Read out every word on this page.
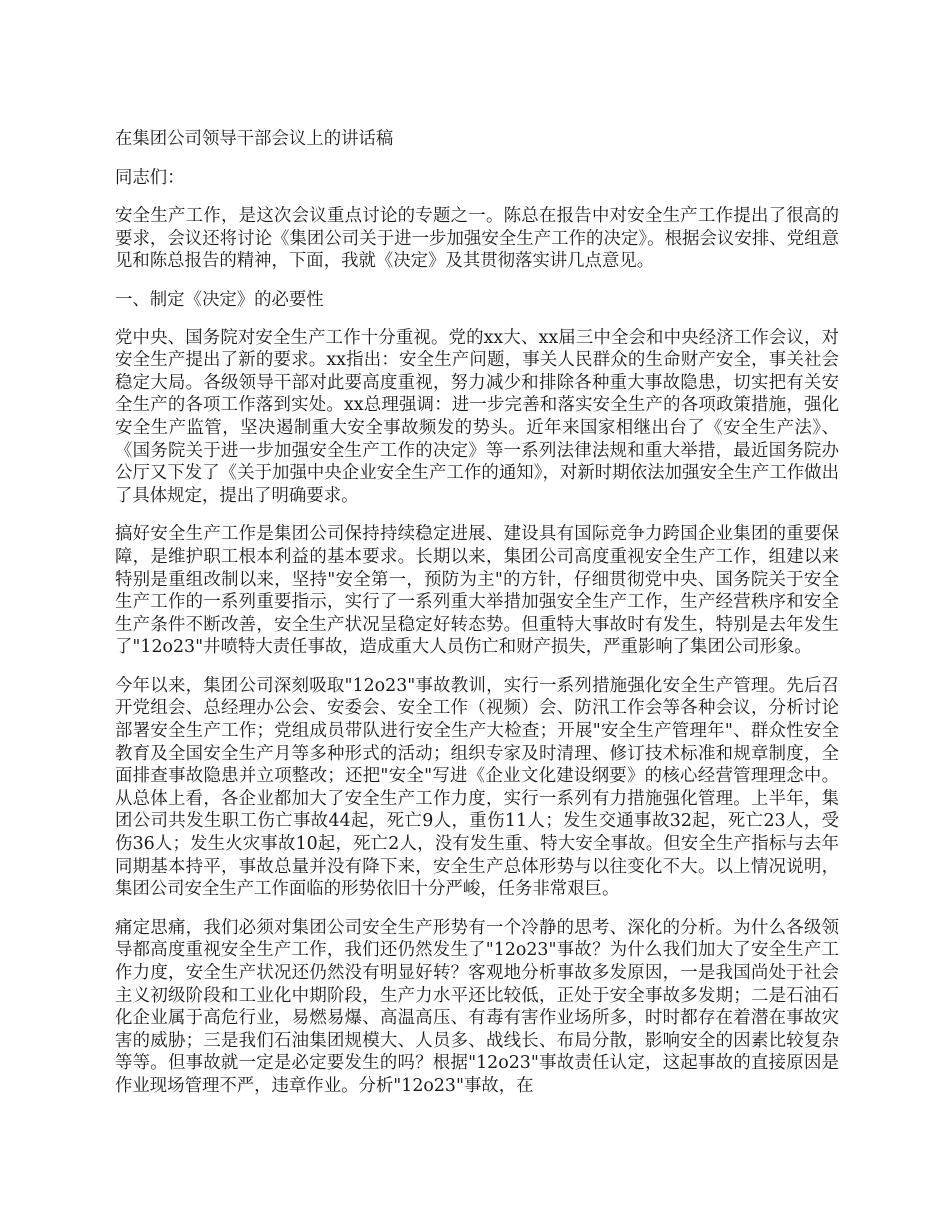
在集团公司领导干部会议上的讲话稿

同志们：

安全生产工作，是这次会议重点讨论的专题之一。陈总在报告中对安全生产工作提出了很高的要求，会议还将讨论《集团公司关于进一步加强安全生产工作的决定》。根据会议安排、党组意见和陈总报告的精神，下面，我就《决定》及其贯彻落实讲几点意见。

一、制定《决定》的必要性

党中央、国务院对安全生产工作十分重视。党的xx大、xx届三中全会和中央经济工作会议，对安全生产提出了新的要求。xx指出：安全生产问题，事关人民群众的生命财产安全，事关社会稳定大局。各级领导干部对此要高度重视，努力减少和排除各种重大事故隐患，切实把有关安全生产的各项工作落到实处。xx总理强调：进一步完善和落实安全生产的各项政策措施，强化安全生产监管，坚决遏制重大安全事故频发的势头。近年来国家相继出台了《安全生产法》、《国务院关于进一步加强安全生产工作的决定》等一系列法律法规和重大举措，最近国务院办公厅又下发了《关于加强中央企业安全生产工作的通知》，对新时期依法加强安全生产工作做出了具体规定，提出了明确要求。

搞好安全生产工作是集团公司保持持续稳定进展、建设具有国际竞争力跨国企业集团的重要保障，是维护职工根本利益的基本要求。长期以来，集团公司高度重视安全生产工作，组建以来特别是重组改制以来，坚持"安全第一，预防为主"的方针，仔细贯彻党中央、国务院关于安全生产工作的一系列重要指示，实行了一系列重大举措加强安全生产工作，生产经营秩序和安全生产条件不断改善，安全生产状况呈稳定好转态势。但重特大事故时有发生，特别是去年发生了"12o23"井喷特大责任事故，造成重大人员伤亡和财产损失，严重影响了集团公司形象。

今年以来，集团公司深刻吸取"12o23"事故教训，实行一系列措施强化安全生产管理。先后召开党组会、总经理办公会、安委会、安全工作（视频）会、防汛工作会等各种会议，分析讨论部署安全生产工作；党组成员带队进行安全生产大检查；开展"安全生产管理年"、群众性安全教育及全国安全生产月等多种形式的活动；组织专家及时清理、修订技术标准和规章制度，全面排查事故隐患并立项整改；还把"安全"写进《企业文化建设纲要》的核心经营管理理念中。从总体上看，各企业都加大了安全生产工作力度，实行一系列有力措施强化管理。上半年，集团公司共发生职工伤亡事故44起，死亡9人，重伤11人；发生交通事故32起，死亡23人，受伤36人；发生火灾事故10起，死亡2人，没有发生重、特大安全事故。但安全生产指标与去年同期基本持平，事故总量并没有降下来，安全生产总体形势与以往变化不大。以上情况说明，集团公司安全生产工作面临的形势依旧十分严峻，任务非常艰巨。

痛定思痛，我们必须对集团公司安全生产形势有一个冷静的思考、深化的分析。为什么各级领导都高度重视安全生产工作，我们还仍然发生了"12o23"事故？为什么我们加大了安全生产工作力度，安全生产状况还仍然没有明显好转？客观地分析事故多发原因，一是我国尚处于社会主义初级阶段和工业化中期阶段，生产力水平还比较低，正处于安全事故多发期；二是石油石化企业属于高危行业，易燃易爆、高温高压、有毒有害作业场所多，时时都存在着潜在事故灾害的威胁；三是我们石油集团规模大、人员多、战线长、布局分散，影响安全的因素比较复杂等等。但事故就一定是必定要发生的吗？根据"12o23"事故责任认定，这起事故的直接原因是作业现场管理不严，违章作业。分析"12o23"事故，在
